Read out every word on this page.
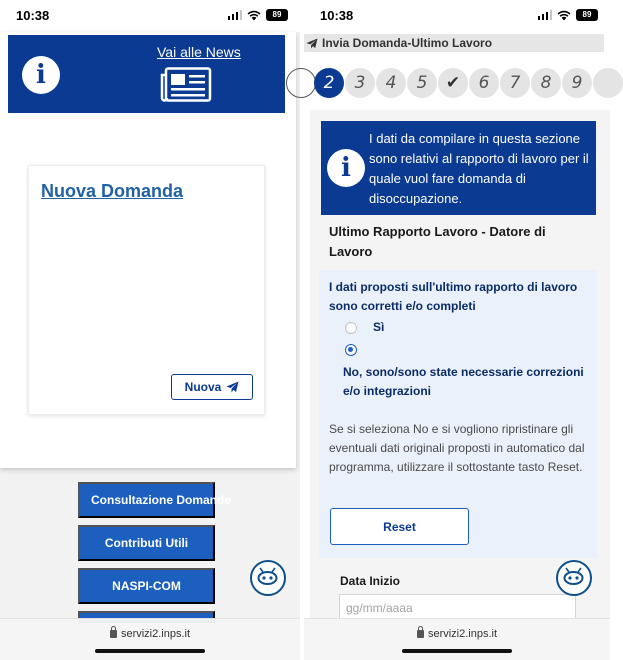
10:38	89
i
Vai alle News
Nuova Domanda
Nuova
Consultazione Domande
Contributi Utili
NASPI-COM
servizi2.inps.it
10:38	89
Invia Domanda-Ultimo Lavoro
2	3	4	5	✔	6	7	8	9
i
I dati da compilare in questa sezione sono relativi al rapporto di lavoro per il quale vuol fare domanda di disoccupazione.
Ultimo Rapporto Lavoro - Datore di Lavoro
I dati proposti sull'ultimo rapporto di lavoro sono corretti e/o completi
Sì
No, sono/sono state necessarie correzioni e/o integrazioni
Se si seleziona No e si vogliono ripristinare gli eventuali dati originali proposti in automatico dal programma, utilizzare il sottostante tasto Reset.
Reset
Data Inizio
gg/mm/aaaa
servizi2.inps.it
